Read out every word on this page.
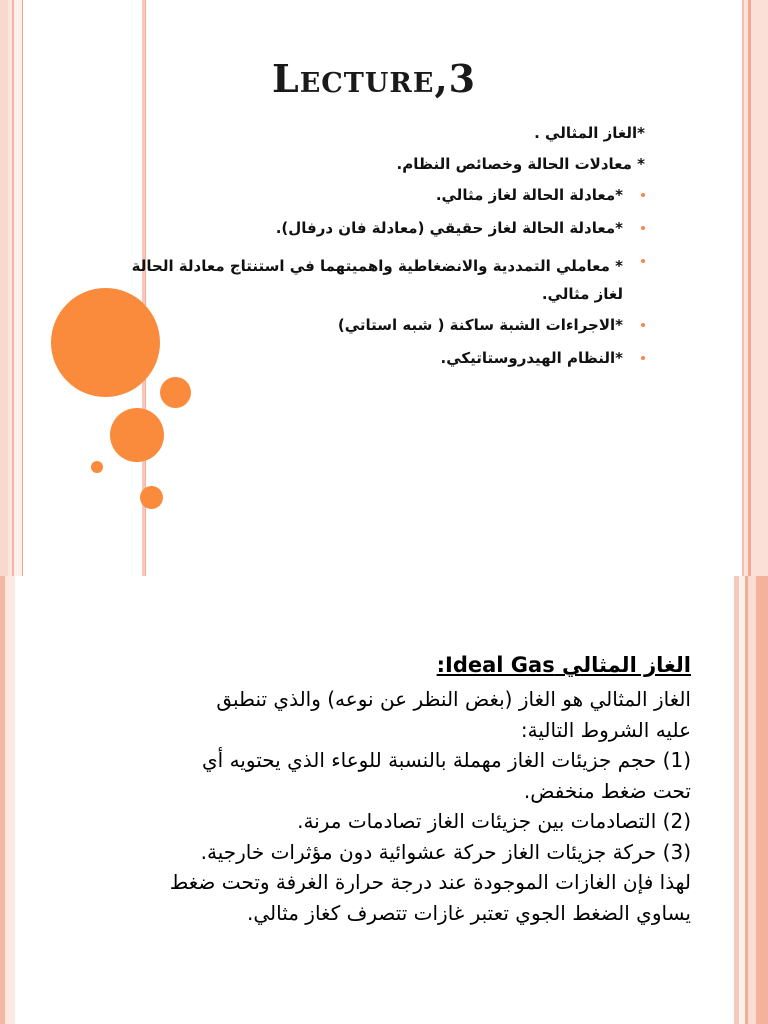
Lecture,3
*الغاز المثالي .
* معادلات الحالة وخصائص النظام.
*معادلة الحالة لغاز مثالي.
*معادلة الحالة لغاز حقيقي (معادلة فان درفال).
* معاملي التمددية والانضغاطية واهميتهما في استنتاج معادلة الحالة لغاز مثالي.
*الاجراءات الشبة ساكنة ( شبه استاتي)
*النظام الهيدروستاتيكي.
الغاز المثالي Ideal Gas:
الغاز المثالي هو الغاز (بغض النظر عن نوعه) والذي تنطبق
عليه الشروط التالية:
(1) حجم جزيئات الغاز مهملة بالنسبة للوعاء الذي يحتويه أي
تحت ضغط منخفض.
(2) التصادمات بين جزيئات الغاز تصادمات مرنة.
(3) حركة جزيئات الغاز حركة عشوائية دون مؤثرات خارجية.
لهذا فإن الغازات الموجودة عند درجة حرارة الغرفة وتحت ضغط
يساوي الضغط الجوي تعتبر غازات تتصرف كغاز مثالي.
